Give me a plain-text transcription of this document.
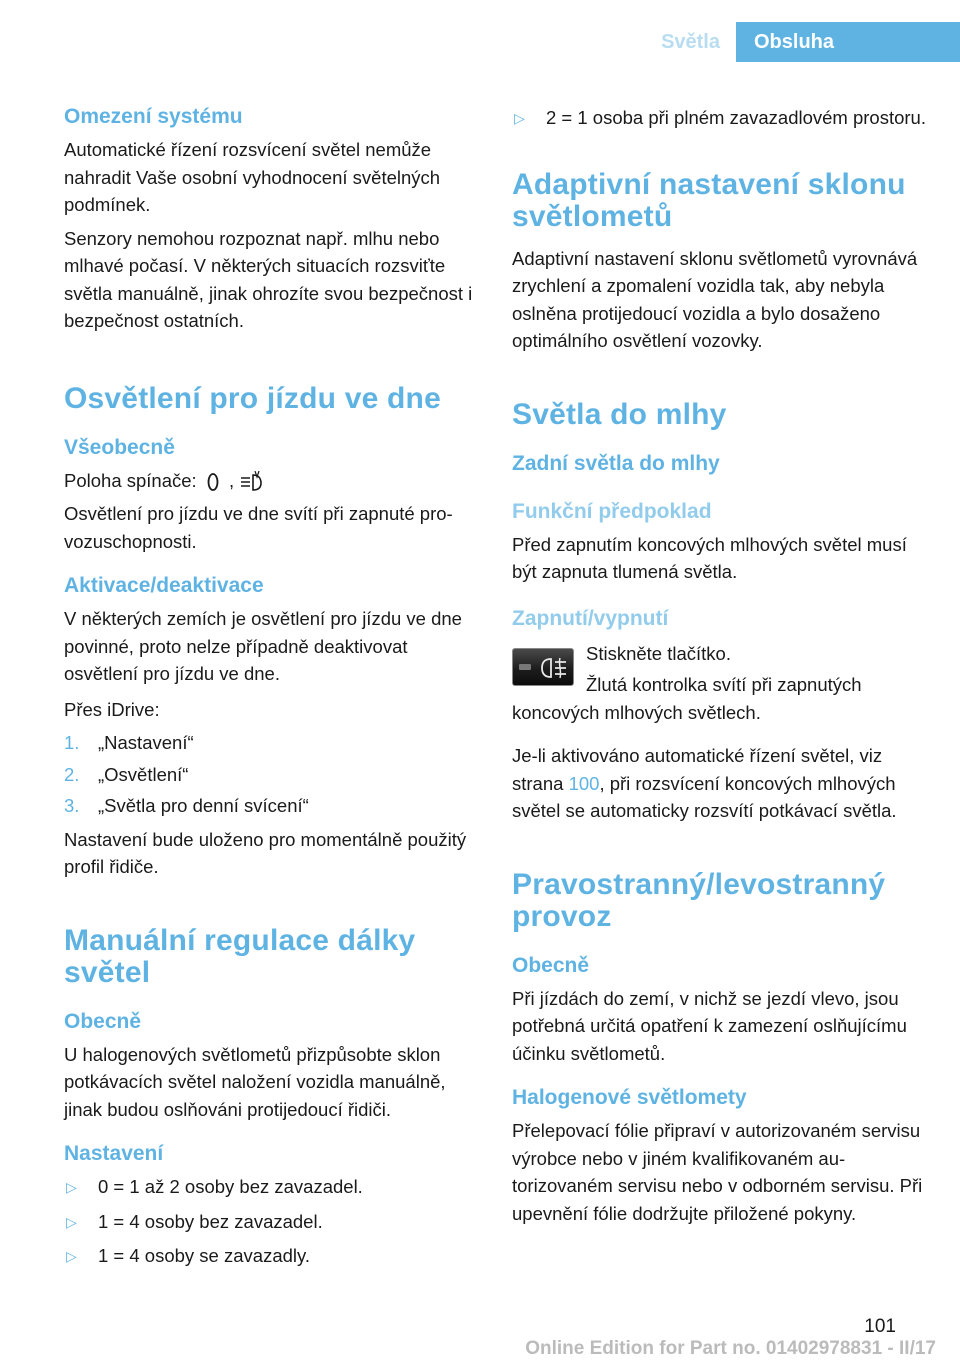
Světla	Obsluha
Omezení systému
Automatické řízení rozsvícení světel nemůže nahradit Vaše osobní vyhodnocení světelných podmínek.
Senzory nemohou rozpoznat např. mlhu nebo mlhavé počasí. V některých situacích rozsviťte světla manuálně, jinak ohrozíte svou bezpečnost i bezpečnost ostatních.
Osvětlení pro jízdu ve dne
Všeobecně
Poloha spínače: ,
Osvětlení pro jízdu ve dne svítí při zapnuté provozuschopnosti.
Aktivace/deaktivace
V některých zemích je osvětlení pro jízdu ve dne povinné, proto nelze případně deaktivovat osvětlení pro jízdu ve dne.
Přes iDrive:
1.	„Nastavení“
2.	„Osvětlení“
3.	„Světla pro denní svícení“
Nastavení bude uloženo pro momentálně použitý profil řidiče.
Manuální regulace dálky světel
Obecně
U halogenových světlometů přizpůsobte sklon potkávacích světel naložení vozidla manuálně, jinak budou oslňováni protijedoucí řidiči.
Nastavení
▷	0 = 1 až 2 osoby bez zavazadel.
▷	1 = 4 osoby bez zavazadel.
▷	1 = 4 osoby se zavazadly.
▷	2 = 1 osoba při plném zavazadlovém prostoru.
Adaptivní nastavení sklonu světlometů
Adaptivní nastavení sklonu světlometů vyrovnává zrychlení a zpomalení vozidla tak, aby nebyla oslněna protijedoucí vozidla a bylo dosaženo optimálního osvětlení vozovky.
Světla do mlhy
Zadní světla do mlhy
Funkční předpoklad
Před zapnutím koncových mlhových světel musí být zapnuta tlumená světla.
Zapnutí/vypnutí
Stiskněte tlačítko.
Žlutá kontrolka svítí při zapnutých koncových mlhových světlech.
Je-li aktivováno automatické řízení světel, viz strana 100, při rozsvícení koncových mlhových světel se automaticky rozsvítí potkávací světla.
Pravostranný/levostranný provoz
Obecně
Při jízdách do zemí, v nichž se jezdí vlevo, jsou potřebná určitá opatření k zamezení oslňujícímu účinku světlometů.
Halogenové světlomety
Přelepovací fólie připraví v autorizovaném servisu výrobce nebo v jiném kvalifikovaném autorizovaném servisu nebo v odborném servisu. Při upevnění fólie dodržujte přiložené pokyny.
101
Online Edition for Part no. 01402978831 - II/17
